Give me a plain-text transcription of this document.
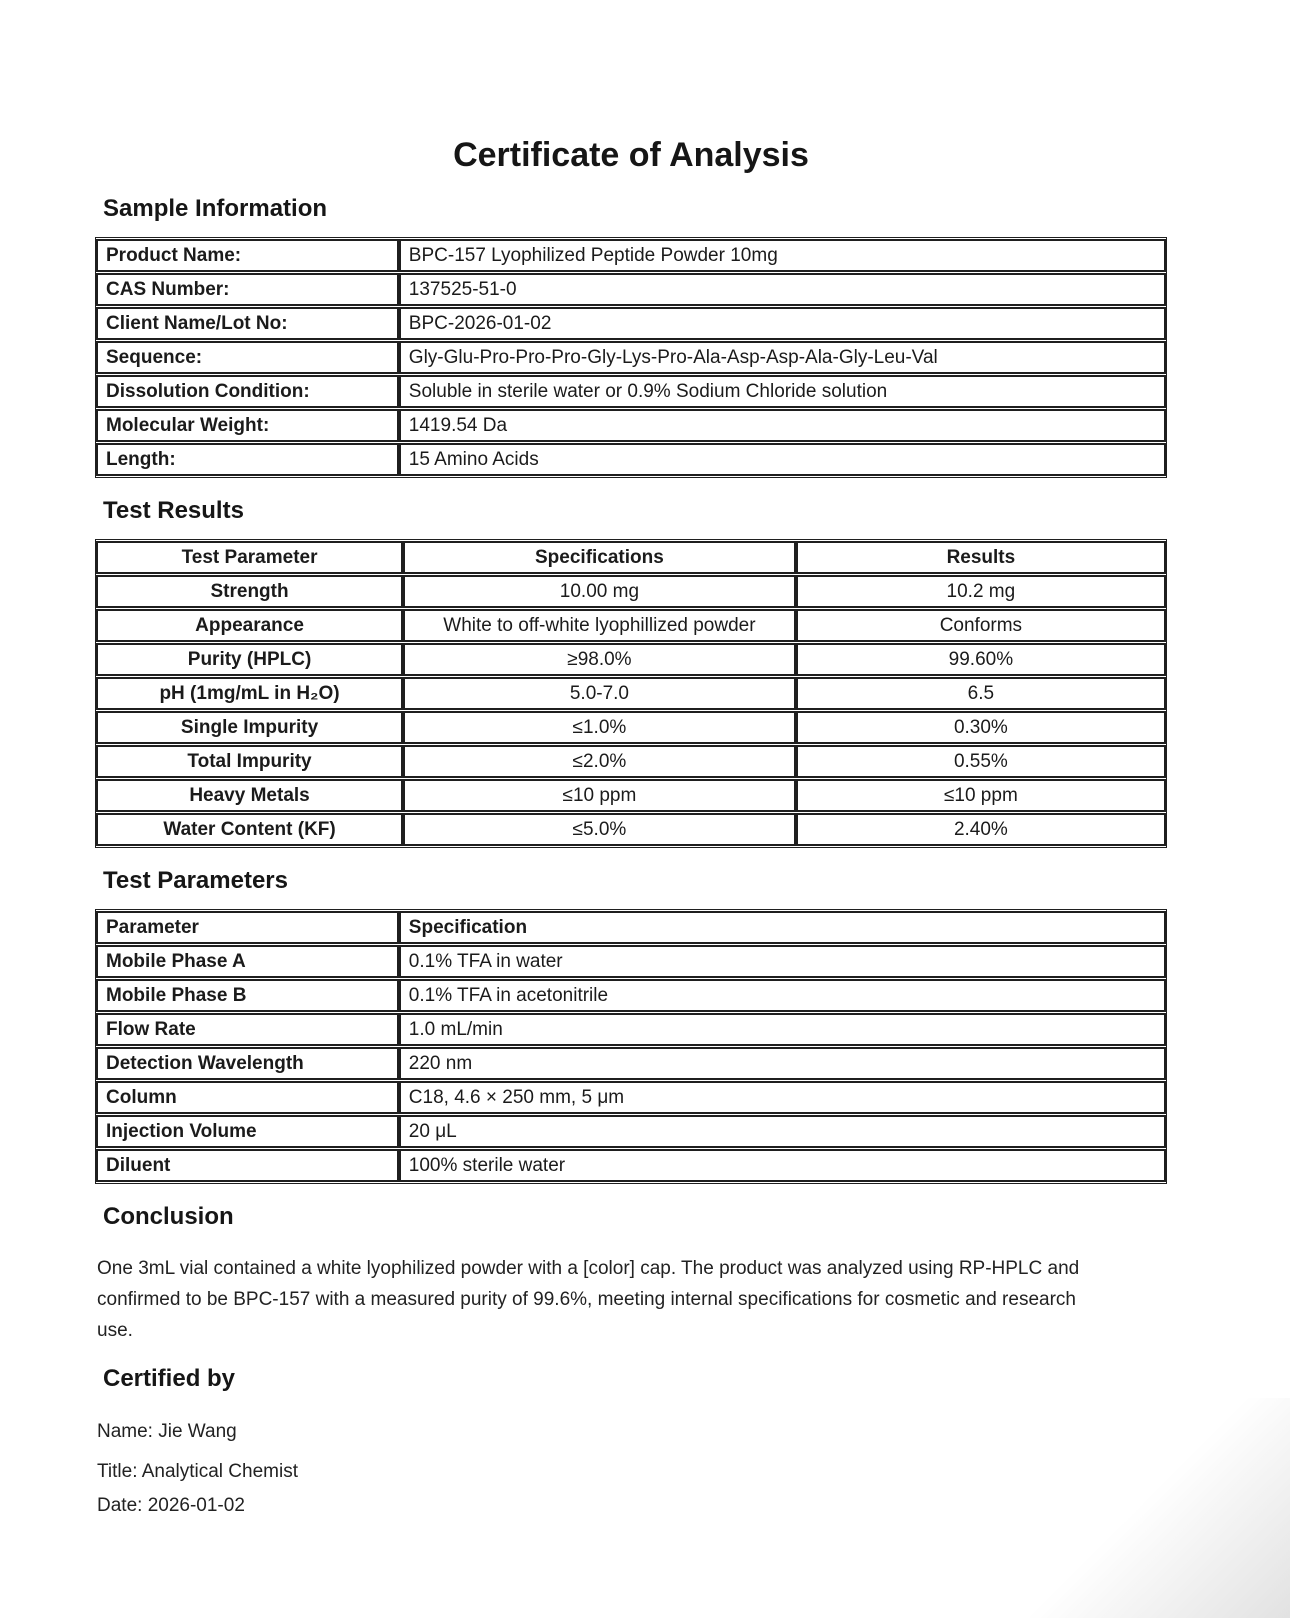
Certificate of Analysis
Sample Information
Product Name:	BPC-157 Lyophilized Peptide Powder 10mg
CAS Number:	137525-51-0
Client Name/Lot No:	BPC-2026-01-02
Sequence:	Gly-Glu-Pro-Pro-Pro-Gly-Lys-Pro-Ala-Asp-Asp-Ala-Gly-Leu-Val
Dissolution Condition:	Soluble in sterile water or 0.9% Sodium Chloride solution
Molecular Weight:	1419.54 Da
Length:	15 Amino Acids
Test Results
Test Parameter	Specifications	Results
Strength	10.00 mg	10.2 mg
Appearance	White to off-white lyophillized powder	Conforms
Purity (HPLC)	≥98.0%	99.60%
pH (1mg/mL in H₂O)	5.0-7.0	6.5
Single Impurity	≤1.0%	0.30%
Total Impurity	≤2.0%	0.55%
Heavy Metals	≤10 ppm	≤10 ppm
Water Content (KF)	≤5.0%	2.40%
Test Parameters
Parameter	Specification
Mobile Phase A	0.1% TFA in water
Mobile Phase B	0.1% TFA in acetonitrile
Flow Rate	1.0 mL/min
Detection Wavelength	220 nm
Column	C18, 4.6 × 250 mm, 5 μm
Injection Volume	20 μL
Diluent	100% sterile water
Conclusion

One 3mL vial contained a white lyophilized powder with a [color] cap. The product was analyzed using RP-HPLC and confirmed to be BPC-157 with a measured purity of 99.6%, meeting internal specifications for cosmetic and research use.

Certified by

Name: Jie Wang

Title: Analytical Chemist

Date: 2026-01-02
